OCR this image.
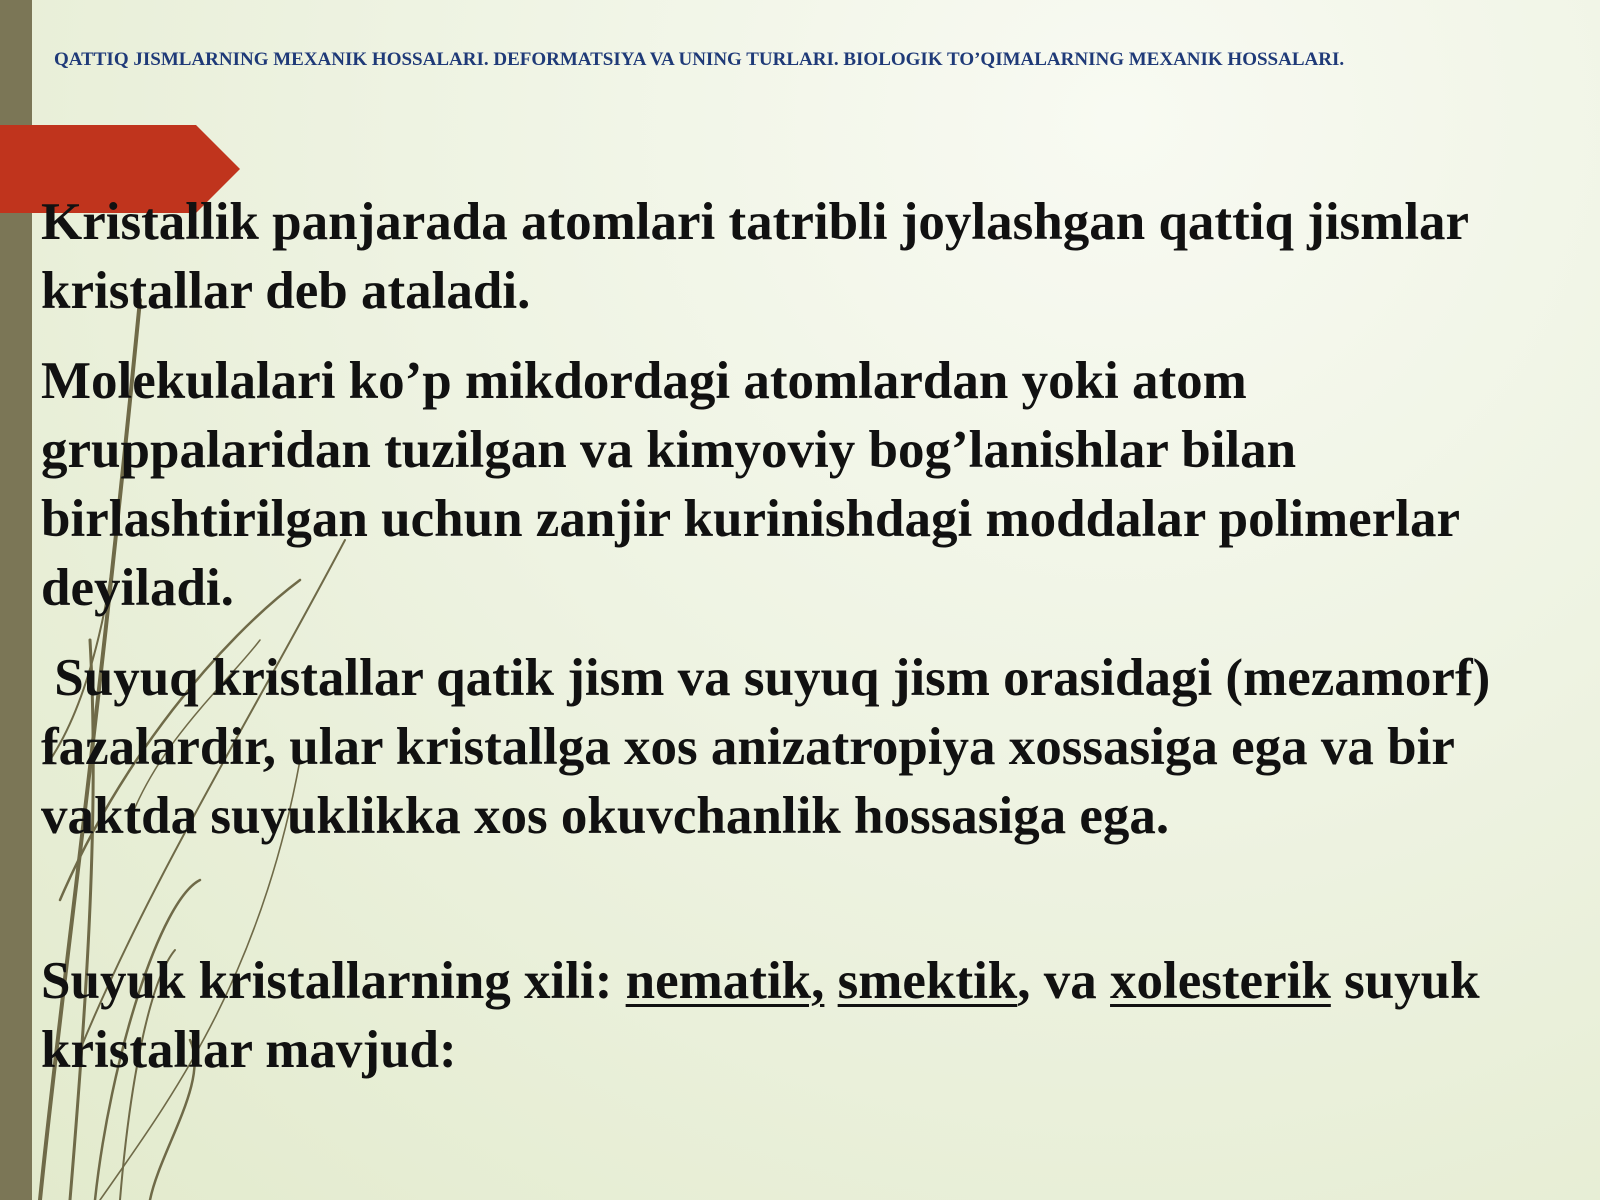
QATTIQ JISMLARNING MEXANIK HOSSALARI. DEFORMATSIYA VA UNING TURLARI. BIOLOGIK TO’QIMALARNING MEXANIK HOSSALARI.

Kristallik panjarada atomlari tatribli joylashgan qattiq jismlar kristallar deb ataladi.

Molekulalari ko’p mikdordagi atomlardan yoki atom gruppalaridan tuzilgan va kimyoviy bog’lanishlar bilan birlashtirilgan uchun zanjir kurinishdagi moddalar polimerlar deyiladi.

Suyuq kristallar qatik jism va suyuq jism orasidagi (mezamorf) fazalardir, ular kristallga xos anizatropiya xossasiga ega va bir vaktda suyuklikka xos okuvchanlik hossasiga ega.

Suyuk kristallarning xili: nematik, smektik, va xolesterik suyuk kristallar mavjud:
